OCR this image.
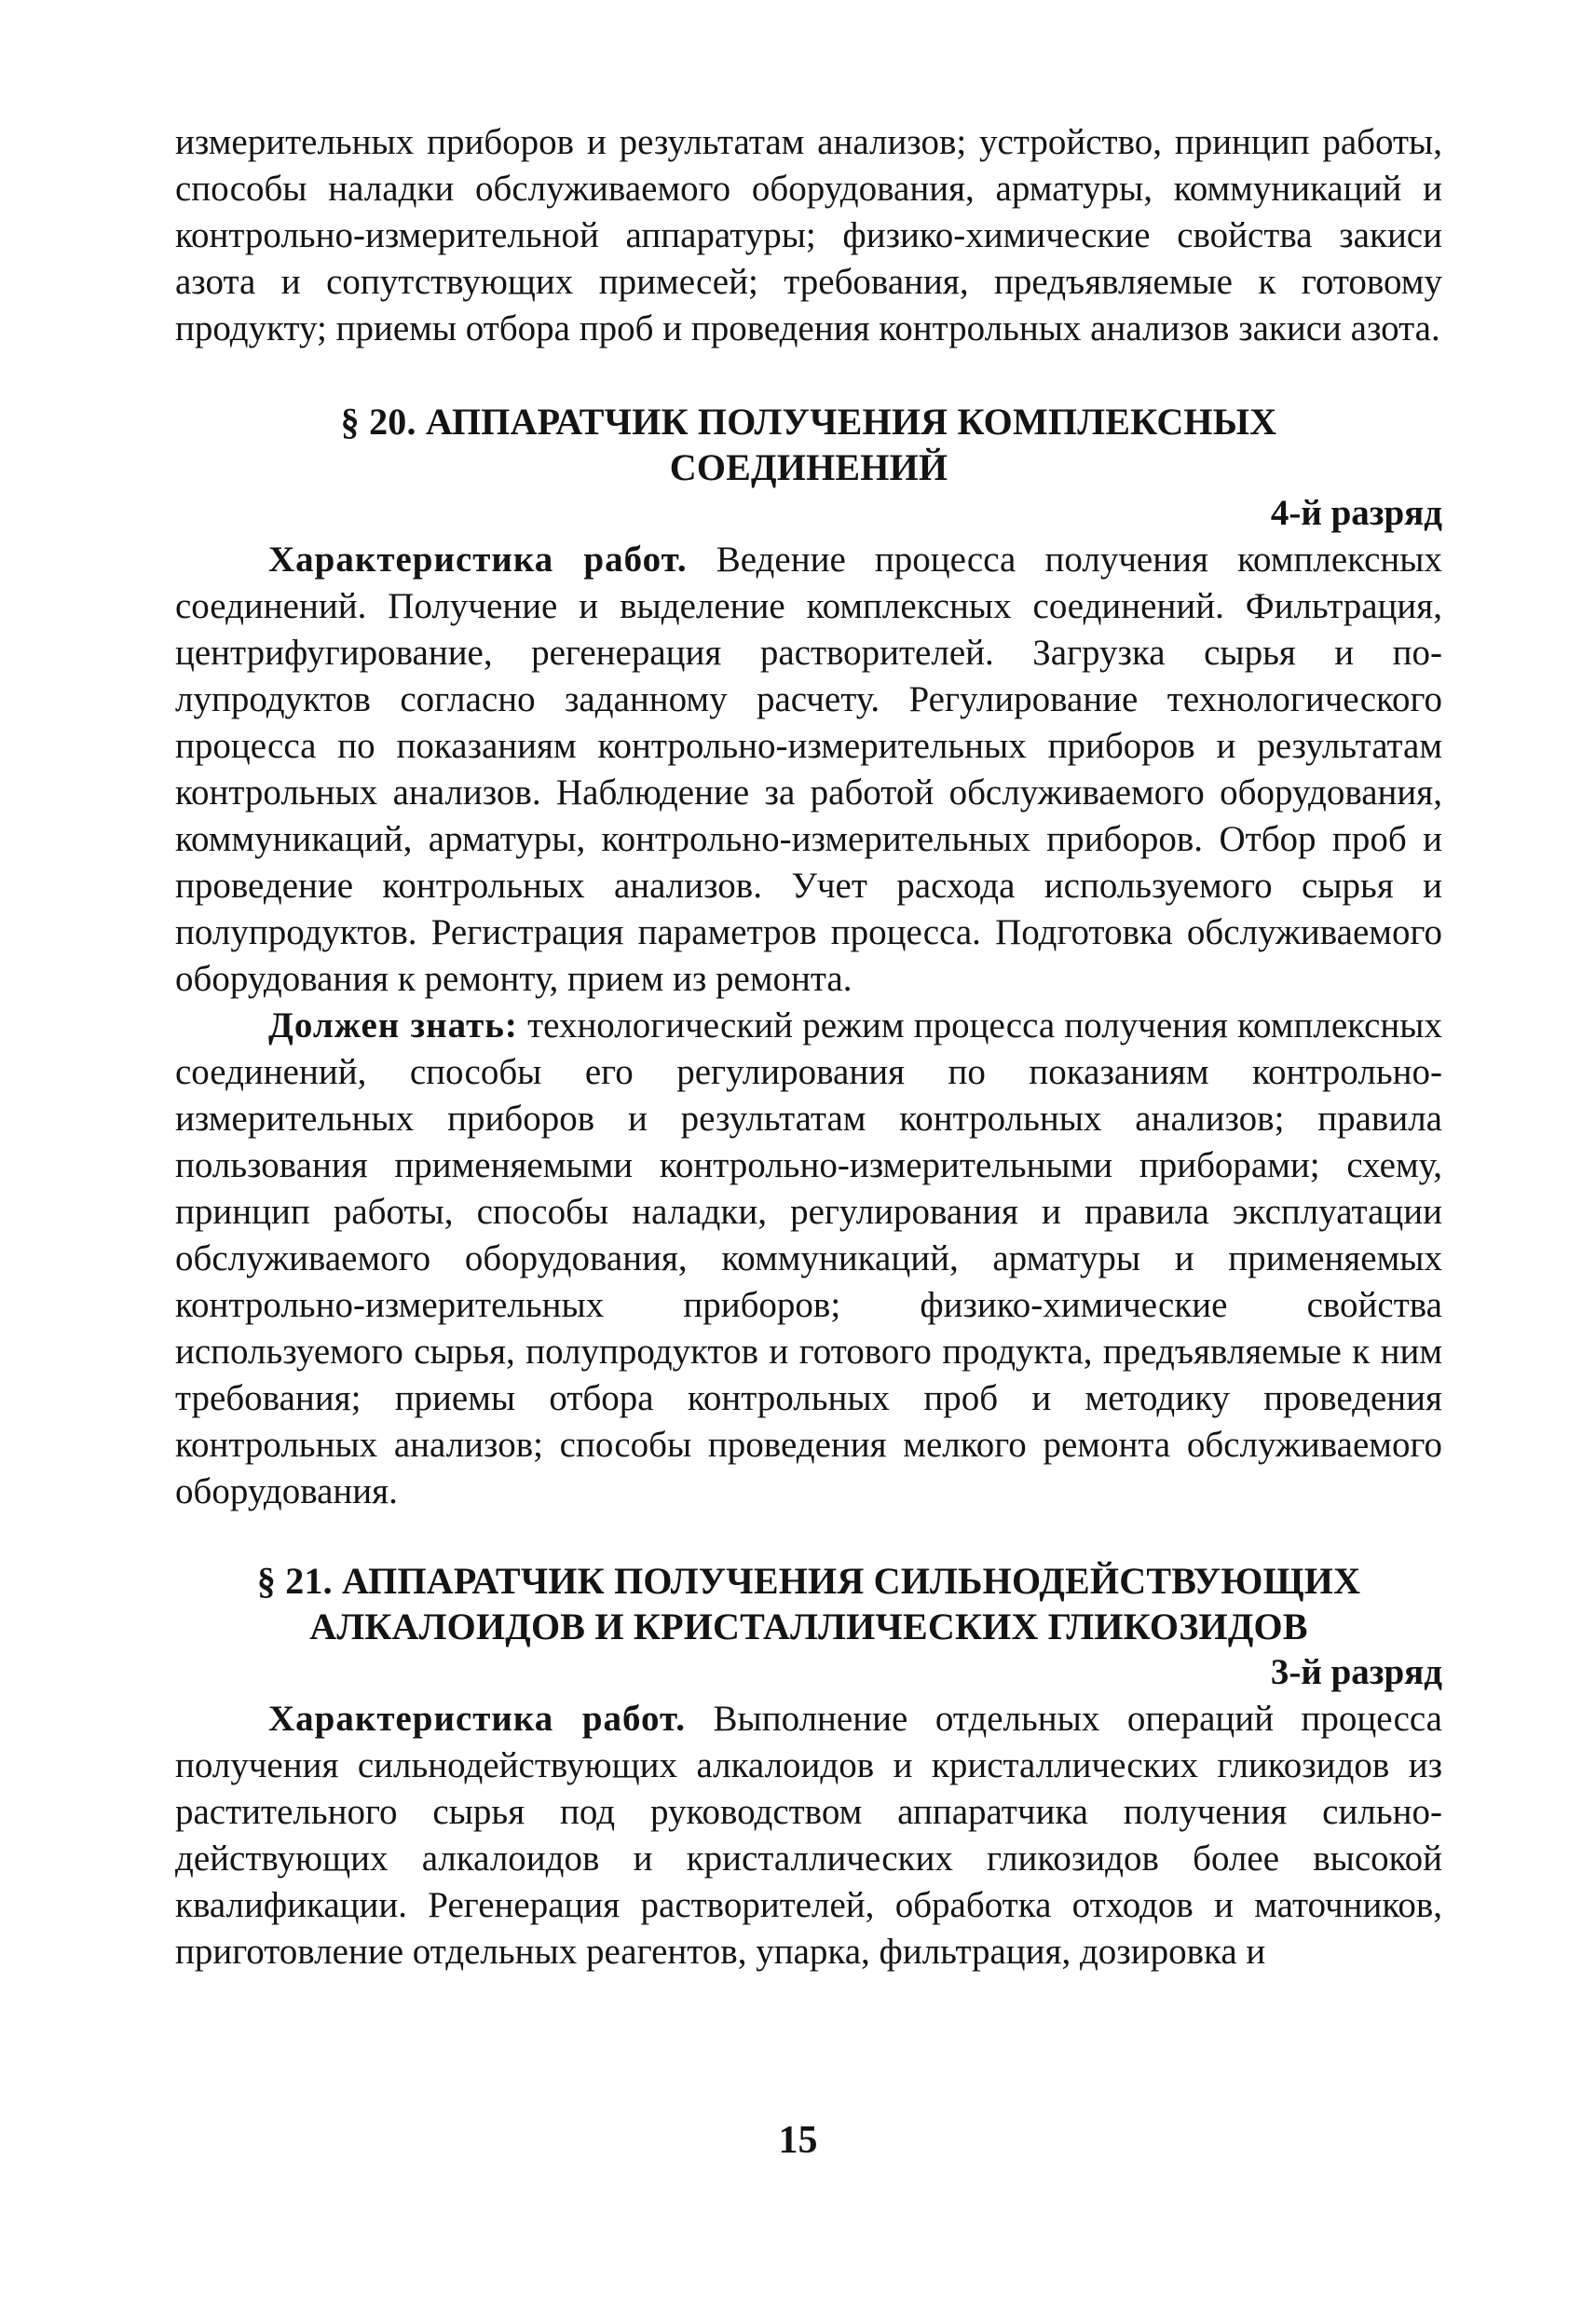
измерительных приборов и результатам анализов; устройство, принцип работы, способы наладки обслуживаемого оборудования, арматуры, коммуникаций и контрольно-измерительной аппаратуры; физико-химические свойства закиси азота и сопутствующих примесей; требования, предъявляемые к готовому продукту; приемы отбора проб и проведения контрольных анализов закиси азота.

§ 20. АППАРАТЧИК ПОЛУЧЕНИЯ КОМПЛЕКСНЫХ
СОЕДИНЕНИЙ

4-й разряд

Характеристика работ. Ведение процесса получения комплексных соединений. Получение и выделение комплексных соединений. Фильтрация, центрифугирование, регенерация растворителей. Загрузка сырья и полупродуктов согласно заданному расчету. Регулирование технологического процесса по показаниям контрольно-измерительных приборов и результатам контрольных анализов. Наблюдение за работой обслуживаемого оборудования, коммуникаций, арматуры, контрольно-измерительных приборов. Отбор проб и проведение контрольных анализов. Учет расхода используемого сырья и полупродуктов. Регистрация параметров процесса. Подготовка обслуживаемого оборудования к ремонту, прием из ремонта.

Должен знать: технологический режим процесса получения комплексных соединений, способы его регулирования по показаниям контрольно-измерительных приборов и результатам контрольных анализов; правила пользования применяемыми контрольно-измерительными приборами; схему, принцип работы, способы наладки, регулирования и правила эксплуатации обслуживаемого оборудования, коммуникаций, арматуры и применяемых контрольно-измерительных приборов; физико-химические свойства используемого сырья, полупродуктов и готового продукта, предъявляемые к ним требования; приемы отбора контрольных проб и методику проведения контрольных анализов; способы проведения мелкого ремонта обслуживаемого оборудования.

§ 21. АППАРАТЧИК ПОЛУЧЕНИЯ СИЛЬНОДЕЙСТВУЮЩИХ
АЛКАЛОИДОВ И КРИСТАЛЛИЧЕСКИХ ГЛИКОЗИДОВ

3-й разряд

Характеристика работ. Выполнение отдельных операций процесса получения сильнодействующих алкалоидов и кристаллических гликозидов из растительного сырья под руководством аппаратчика получения сильнодействующих алкалоидов и кристаллических гликозидов более высокой квалификации. Регенерация растворителей, обработка отходов и маточников, приготовление отдельных реагентов, упарка, фильтрация, дозировка и

15
